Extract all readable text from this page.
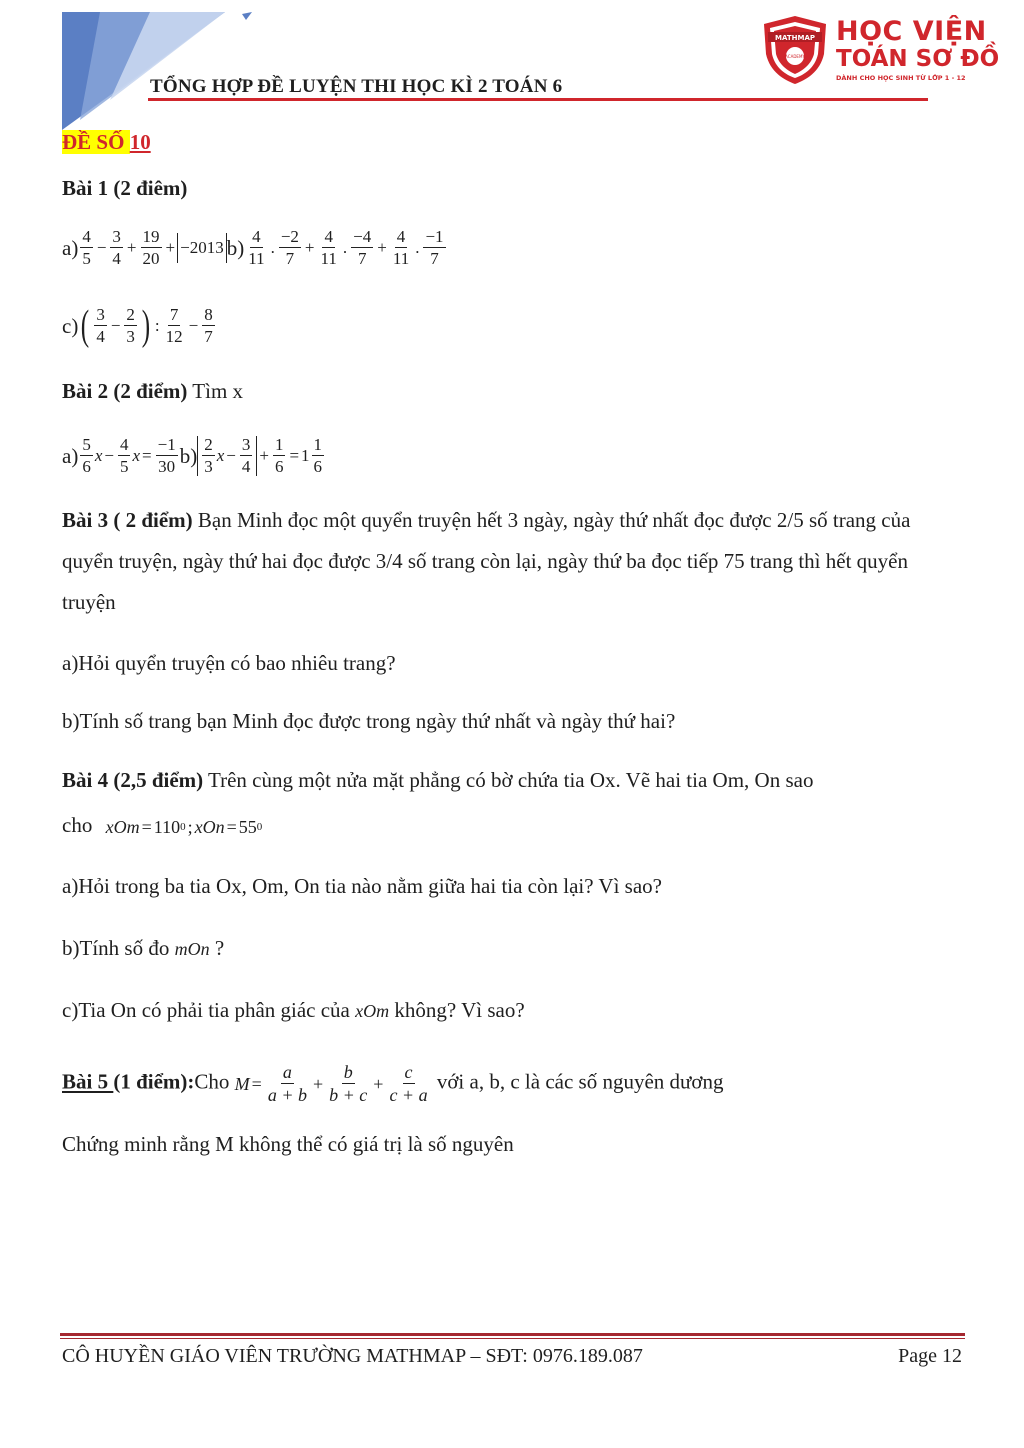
TỔNG HỢP ĐỀ LUYỆN THI HỌC KÌ 2 TOÁN 6
MATHMAP
ACADEMY
HỌC VIỆN
TOÁN SƠ ĐỒ
DÀNH CHO HỌC SINH TỪ LỚP 1 - 12
ĐỀ SỐ 10
Bài 1 (2 điêm)
a) 4
5
− $\frac{3}{4} + \frac{19}{20} + -2013$ b) 4
11
.
−2
7
+ $\frac{4}{11}$ .
−4
7
+ $\frac{4}{11}$ .
−1
7
c) ( 3
4
− $\frac{2}{3}$ ) :
7
12
− $\frac{8}{7}$
Bài 2 (2 điểm) Tìm x
a) 5
6
$x - \frac{4}{5}$ $x = \frac{-1}{30} b$) 2
3
$x - \frac{3}{4} + \frac{1}{6} = 1$
1
6
Bài 3 ( 2 điểm) Bạn Minh đọc một quyển truyện hết 3 ngày, ngày thứ nhất đọc được 2/5 số trang của quyển truyện, ngày thứ hai đọc được 3/4 số trang còn lại, ngày thứ ba đọc tiếp 75 trang thì hết quyển truyện
a)Hỏi quyển truyện có bao nhiêu trang?
b)Tính số trang bạn Minh đọc được trong ngày thứ nhất và ngày thứ hai?
Bài 4 (2,5 điểm) Trên cùng một nửa mặt phẳng có bờ chứa tia Ox. Vẽ hai tia Om, On sao
cho xOm = 110 0 ; xOn = 55 0
a)Hỏi trong ba tia Ox, Om, On tia nào nằm giữa hai tia còn lại? Vì sao?
b)Tính số đo mOn ?
c)Tia On có phải tia phân giác của xOm không? Vì sao?
Bài 5 (1 điểm):Cho $M = \frac{a}{a + b} + \frac{b}{b + c} + \frac{c}{c + a}$ với a, b, c là các số nguyên dương
Chứng minh rằng M không thể có giá trị là số nguyên
CÔ HUYỀN GIÁO VIÊN TRƯỜNG MATHMAP – SĐT: 0976.189.087	Page 12
